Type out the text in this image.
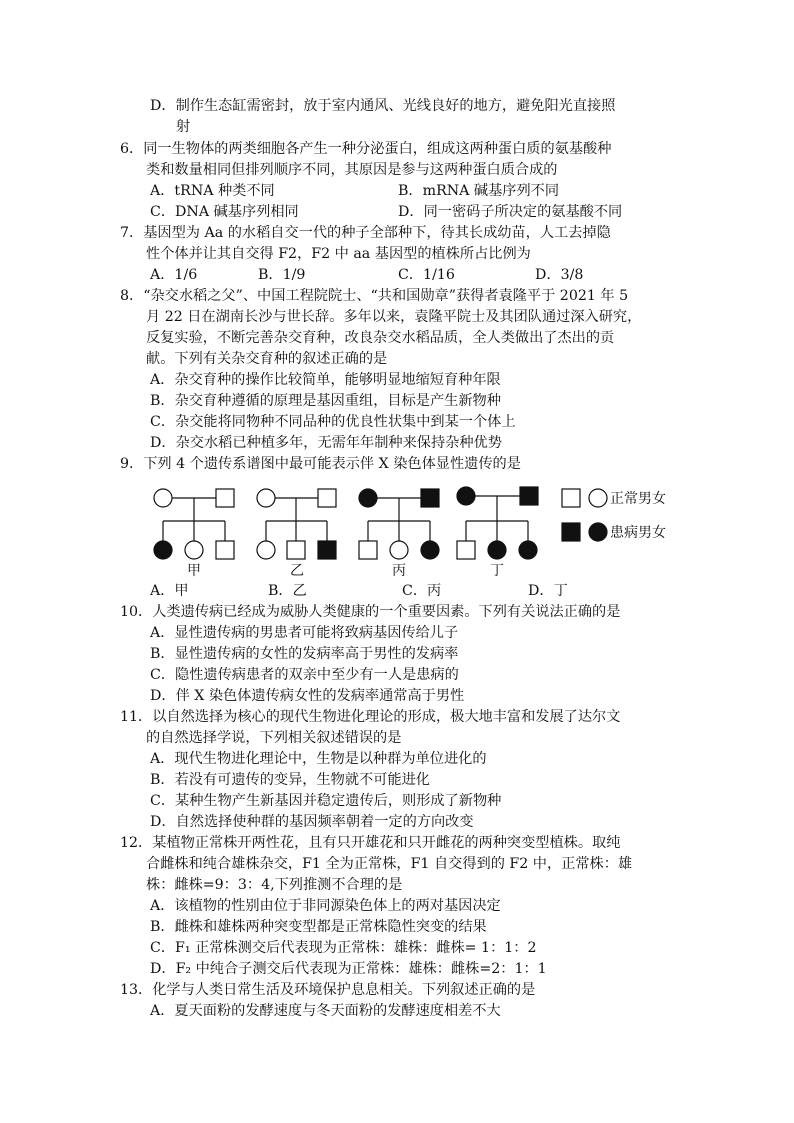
D．制作生态缸需密封，放于室内通风、光线良好的地方，避免阳光直接照
射
6．同一生物体的两类细胞各产生一种分泌蛋白，组成这两种蛋白质的氨基酸种
类和数量相同但排列顺序不同，其原因是参与这两种蛋白质合成的
A．tRNA 种类不同	B．mRNA 碱基序列不同
C．DNA 碱基序列相同	D．同一密码子所决定的氨基酸不同
7．基因型为 Aa 的水稻自交一代的种子全部种下，待其长成幼苗，人工去掉隐
性个体并让其自交得 F2，F2 中 aa 基因型的植株所占比例为
A．1/6	B．1/9	C．1/16	D．3/8
8．“杂交水稻之父”、中国工程院院士、“共和国勋章”获得者袁隆平于 2021 年 5
月 22 日在湖南长沙与世长辞。多年以来，袁隆平院士及其团队通过深入研究，
反复实验，不断完善杂交育种，改良杂交水稻品质，全人类做出了杰出的贡
献。下列有关杂交育种的叙述正确的是
A．杂交育种的操作比较简单，能够明显地缩短育种年限
B．杂交育种遵循的原理是基因重组，目标是产生新物种
C．杂交能将同物种不同品种的优良性状集中到某一个体上
D．杂交水稻已种植多年，无需年年制种来保持杂种优势
9．下列 4 个遗传系谱图中最可能表示伴 X 染色体显性遗传的是
正常男女
患病男女
甲	乙	丙	丁
A．甲	B．乙	C．丙	D．丁
10．人类遗传病已经成为威胁人类健康的一个重要因素。下列有关说法正确的是
A．显性遗传病的男患者可能将致病基因传给儿子
B．显性遗传病的女性的发病率高于男性的发病率
C．隐性遗传病患者的双亲中至少有一人是患病的
D．伴 X 染色体遗传病女性的发病率通常高于男性
11．以自然选择为核心的现代生物进化理论的形成，极大地丰富和发展了达尔文
的自然选择学说，下列相关叙述错误的是
A．现代生物进化理论中，生物是以种群为单位进化的
B．若没有可遗传的变异，生物就不可能进化
C．某种生物产生新基因并稳定遗传后，则形成了新物种
D．自然选择使种群的基因频率朝着一定的方向改变
12．某植物正常株开两性花，且有只开雄花和只开雌花的两种突变型植株。取纯
合雌株和纯合雄株杂交，F1 全为正常株，F1 自交得到的 F2 中，正常株：雄
株：雌株=9：3：4,下列推测不合理的是
A．该植物的性别由位于非同源染色体上的两对基因决定
B．雌株和雄株两种突变型都是正常株隐性突变的结果
C．F₁ 正常株测交后代表现为正常株：雄株：雌株= 1：1：2
D．F₂ 中纯合子测交后代表现为正常株：雄株：雌株=2：1：1
13．化学与人类日常生活及环境保护息息相关。下列叙述正确的是
A．夏天面粉的发酵速度与冬天面粉的发酵速度相差不大
